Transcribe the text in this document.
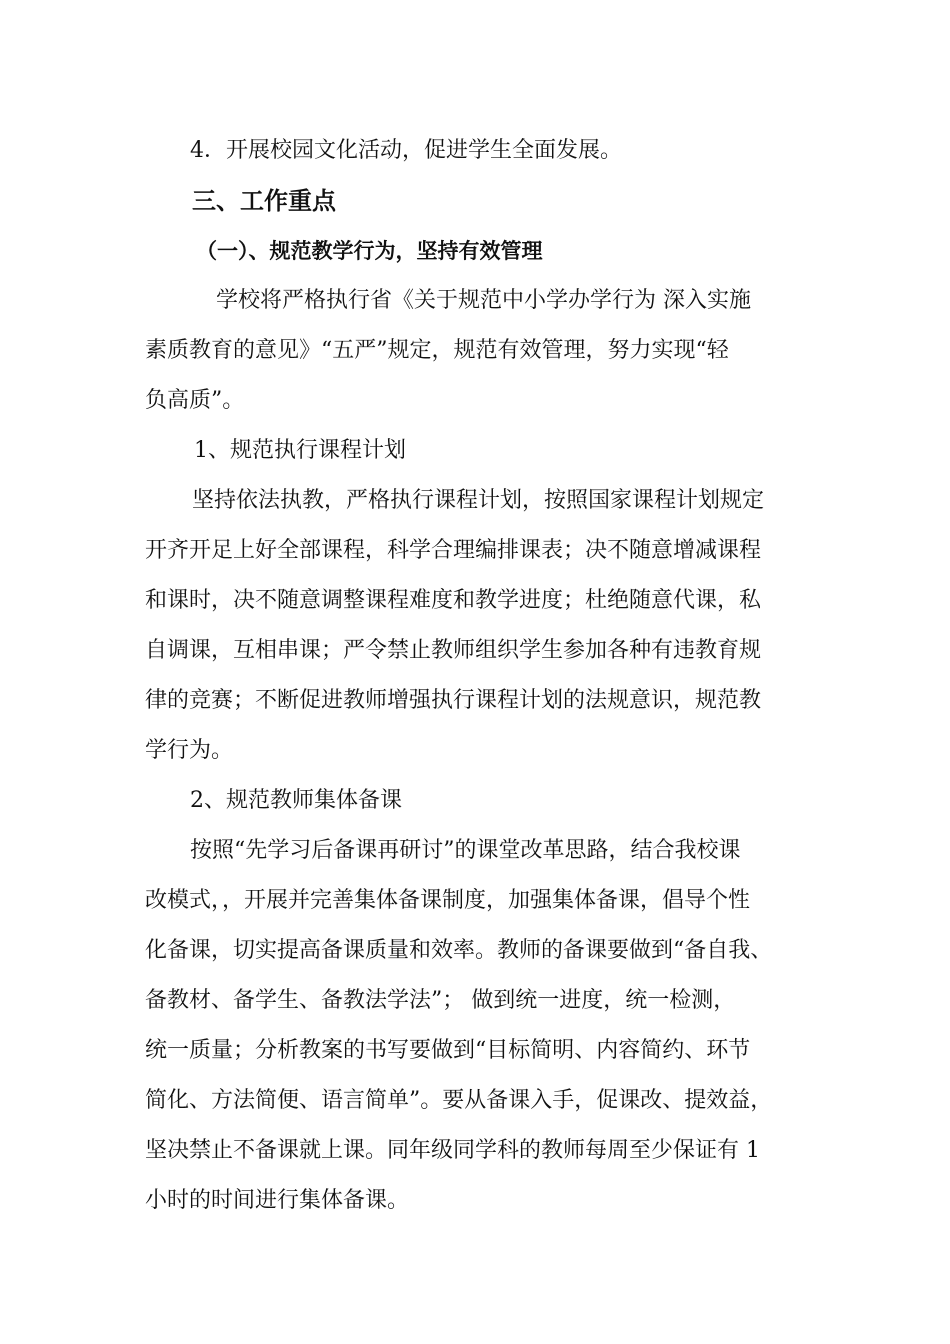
4．开展校园文化活动，促进学生全面发展。

三、工作重点

（一）、规范教学行为，坚持有效管理

学校将严格执行省《关于规范中小学办学行为 深入实施

素质教育的意见》“五严”规定，规范有效管理，努力实现“轻

负高质”。

1、规范执行课程计划

坚持依法执教，严格执行课程计划，按照国家课程计划规定

开齐开足上好全部课程，科学合理编排课表；决不随意增减课程

和课时，决不随意调整课程难度和教学进度；杜绝随意代课，私

自调课，互相串课；严令禁止教师组织学生参加各种有违教育规

律的竞赛；不断促进教师增强执行课程计划的法规意识，规范教

学行为。

2、规范教师集体备课

按照“先学习后备课再研讨”的课堂改革思路，结合我校课

改模式，，开展并完善集体备课制度，加强集体备课，倡导个性

化备课，切实提高备课质量和效率。教师的备课要做到“备自我、

备教材、备学生、备教法学法”； 做到统一进度，统一检测，

统一质量；分析教案的书写要做到“目标简明、内容简约、环节

简化、方法简便、语言简单”。要从备课入手，促课改、提效益，

坚决禁止不备课就上课。同年级同学科的教师每周至少保证有 1

小时的时间进行集体备课。
